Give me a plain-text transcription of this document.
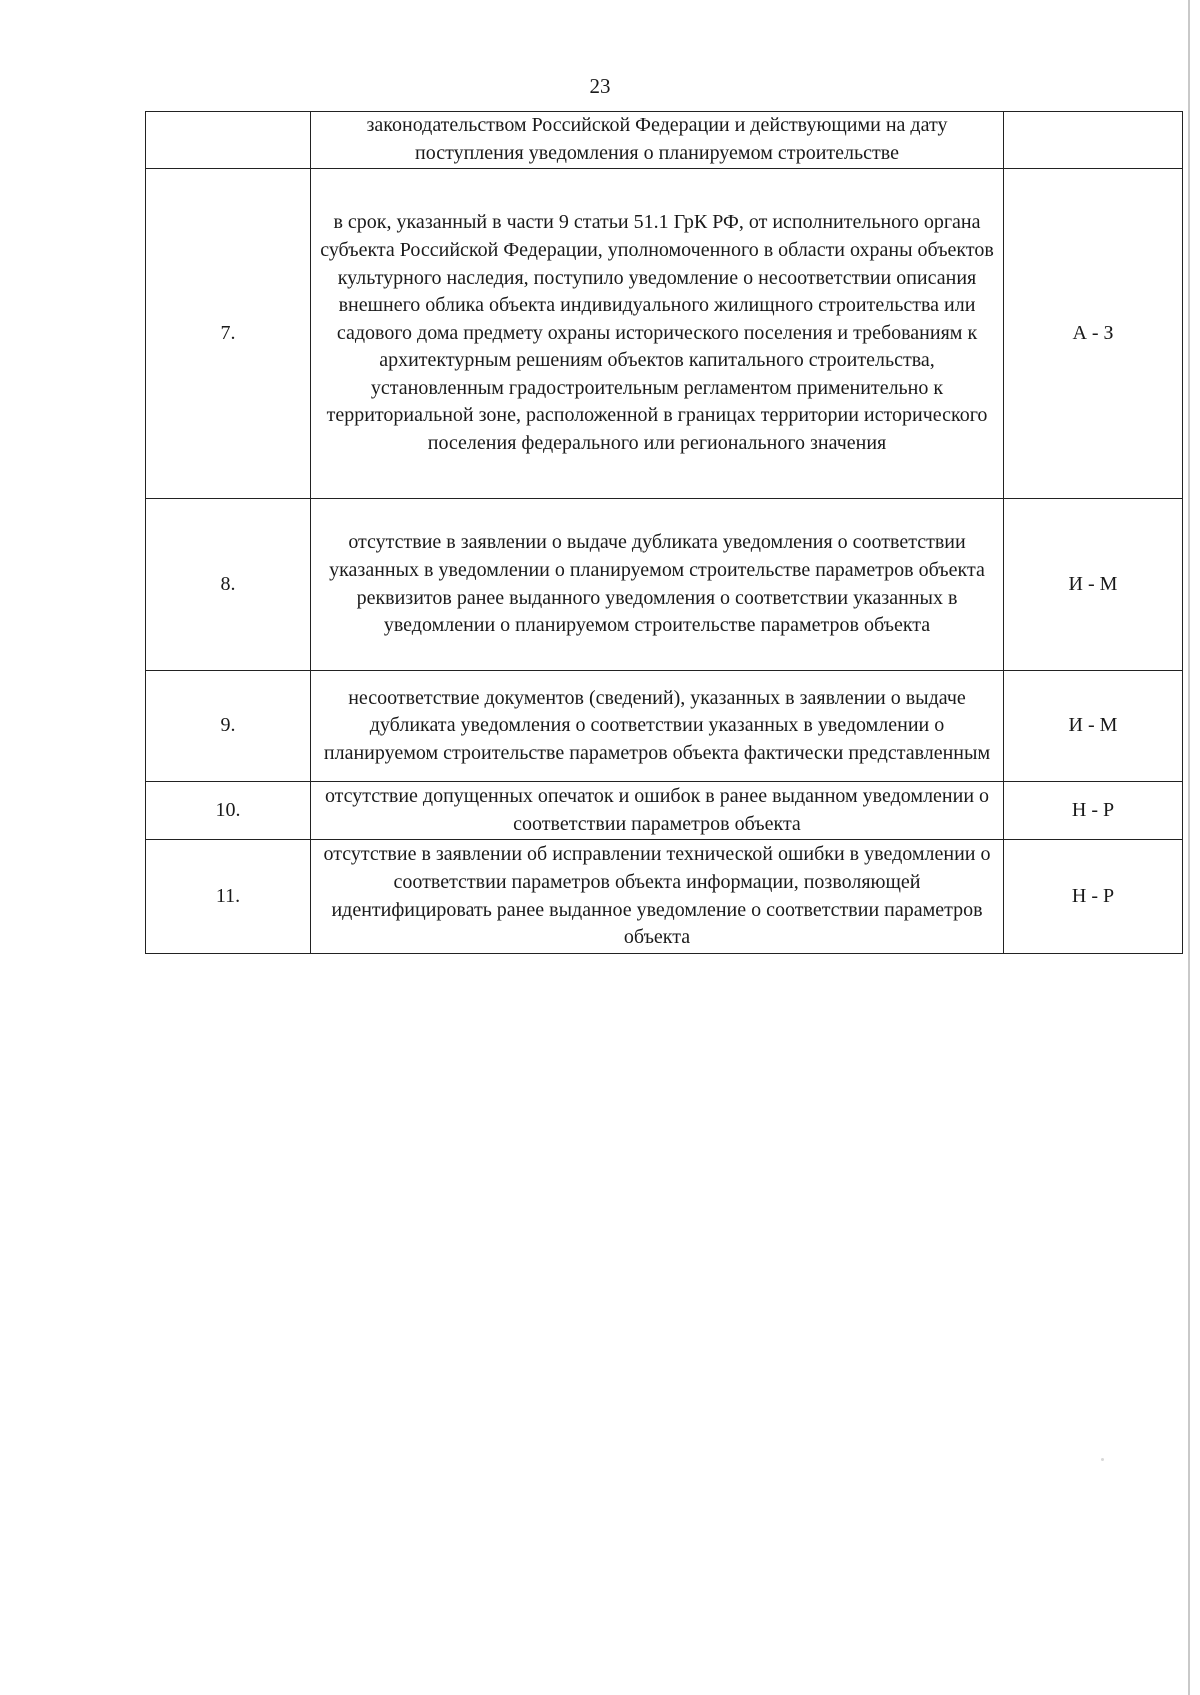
23
	законодательством Российской Федерации и действующими на дату поступления уведомления о планируемом строительстве	
7.	в срок, указанный в части 9 статьи 51.1 ГрК РФ, от исполнительного органа субъекта Российской Федерации, уполномоченного в области охраны объектов культурного наследия, поступило уведомление о несоответствии описания внешнего облика объекта индивидуального жилищного строительства или садового дома предмету охраны исторического поселения и требованиям к архитектурным решениям объектов капитального строительства, установленным градостроительным регламентом применительно к территориальной зоне, расположенной в границах территории исторического поселения федерального или регионального значения	А - З
8.	отсутствие в заявлении о выдаче дубликата уведомления о соответствии указанных в уведомлении о планируемом строительстве параметров объекта реквизитов ранее выданного уведомления о соответствии указанных в уведомлении о планируемом строительстве параметров объекта	И - М
9.	несоответствие документов (сведений), указанных в заявлении о выдаче дубликата уведомления о соответствии указанных в уведомлении о планируемом строительстве параметров объекта фактически представленным	И - М
10.	отсутствие допущенных опечаток и ошибок в ранее выданном уведомлении о соответствии параметров объекта	Н - Р
11.	отсутствие в заявлении об исправлении технической ошибки в уведомлении о соответствии параметров объекта информации, позволяющей идентифицировать ранее выданное уведомление о соответствии параметров объекта	Н - Р
